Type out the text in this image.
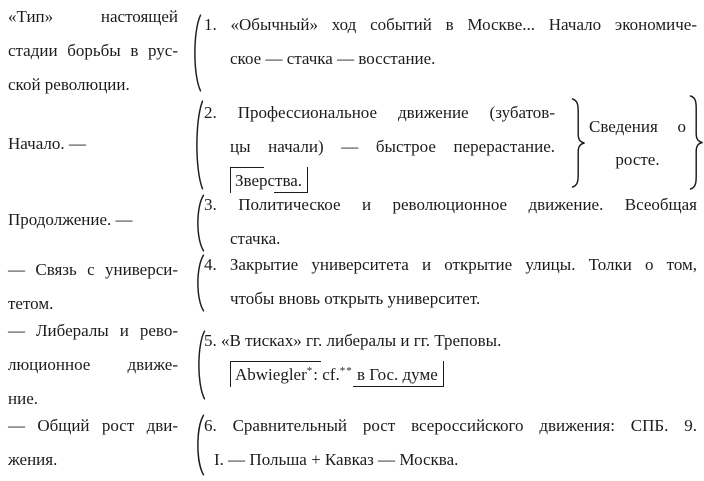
«Тип» настоящей
стадии борьбы в рус-
ской революции.
Начало. —
Продолжение. —
— Связь с универси-
тетом.
— Либералы и рево-
люционное движе-
ние.
— Общий рост дви-
жения.
1. «Обычный» ход событий в Москве... Начало экономиче-
ское — стачка — восстание.
2. Профессиональное движение (зубатов-
цы начали) — быстрое перерастание.
Зверства.
Сведения о
росте.
3. Политическое и революционное движение. Всеобщая
стачка.
4. Закрытие университета и открытие улицы. Толки о том,
чтобы вновь открыть университет.
5. «В тисках» гг. либералы и гг. Треповы.
Abwiegler*: cf.** в Гос. думе
6. Сравнительный рост всероссийского движения: СПБ. 9.
I. — Польша + Кавказ — Москва.
